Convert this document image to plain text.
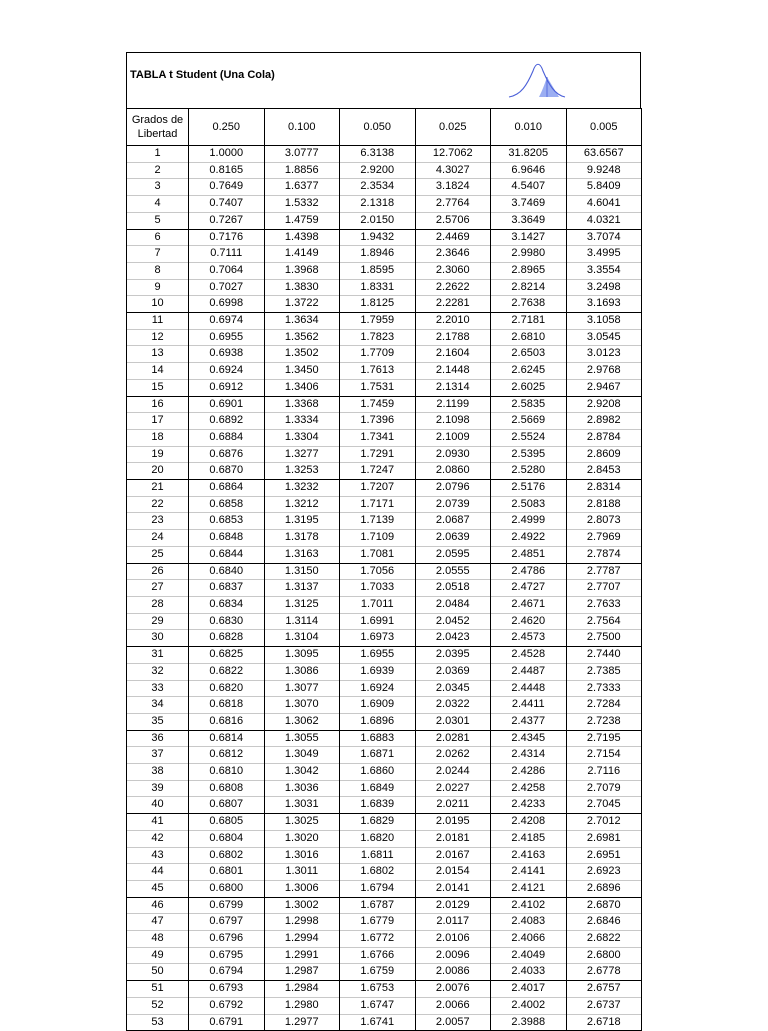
TABLA t Student (Una Cola)
Grados de Libertad	0.250	0.100	0.050	0.025	0.010	0.005
1	1.0000	3.0777	6.3138	12.7062	31.8205	63.6567
2	0.8165	1.8856	2.9200	4.3027	6.9646	9.9248
3	0.7649	1.6377	2.3534	3.1824	4.5407	5.8409
4	0.7407	1.5332	2.1318	2.7764	3.7469	4.6041
5	0.7267	1.4759	2.0150	2.5706	3.3649	4.0321
6	0.7176	1.4398	1.9432	2.4469	3.1427	3.7074
7	0.7111	1.4149	1.8946	2.3646	2.9980	3.4995
8	0.7064	1.3968	1.8595	2.3060	2.8965	3.3554
9	0.7027	1.3830	1.8331	2.2622	2.8214	3.2498
10	0.6998	1.3722	1.8125	2.2281	2.7638	3.1693
11	0.6974	1.3634	1.7959	2.2010	2.7181	3.1058
12	0.6955	1.3562	1.7823	2.1788	2.6810	3.0545
13	0.6938	1.3502	1.7709	2.1604	2.6503	3.0123
14	0.6924	1.3450	1.7613	2.1448	2.6245	2.9768
15	0.6912	1.3406	1.7531	2.1314	2.6025	2.9467
16	0.6901	1.3368	1.7459	2.1199	2.5835	2.9208
17	0.6892	1.3334	1.7396	2.1098	2.5669	2.8982
18	0.6884	1.3304	1.7341	2.1009	2.5524	2.8784
19	0.6876	1.3277	1.7291	2.0930	2.5395	2.8609
20	0.6870	1.3253	1.7247	2.0860	2.5280	2.8453
21	0.6864	1.3232	1.7207	2.0796	2.5176	2.8314
22	0.6858	1.3212	1.7171	2.0739	2.5083	2.8188
23	0.6853	1.3195	1.7139	2.0687	2.4999	2.8073
24	0.6848	1.3178	1.7109	2.0639	2.4922	2.7969
25	0.6844	1.3163	1.7081	2.0595	2.4851	2.7874
26	0.6840	1.3150	1.7056	2.0555	2.4786	2.7787
27	0.6837	1.3137	1.7033	2.0518	2.4727	2.7707
28	0.6834	1.3125	1.7011	2.0484	2.4671	2.7633
29	0.6830	1.3114	1.6991	2.0452	2.4620	2.7564
30	0.6828	1.3104	1.6973	2.0423	2.4573	2.7500
31	0.6825	1.3095	1.6955	2.0395	2.4528	2.7440
32	0.6822	1.3086	1.6939	2.0369	2.4487	2.7385
33	0.6820	1.3077	1.6924	2.0345	2.4448	2.7333
34	0.6818	1.3070	1.6909	2.0322	2.4411	2.7284
35	0.6816	1.3062	1.6896	2.0301	2.4377	2.7238
36	0.6814	1.3055	1.6883	2.0281	2.4345	2.7195
37	0.6812	1.3049	1.6871	2.0262	2.4314	2.7154
38	0.6810	1.3042	1.6860	2.0244	2.4286	2.7116
39	0.6808	1.3036	1.6849	2.0227	2.4258	2.7079
40	0.6807	1.3031	1.6839	2.0211	2.4233	2.7045
41	0.6805	1.3025	1.6829	2.0195	2.4208	2.7012
42	0.6804	1.3020	1.6820	2.0181	2.4185	2.6981
43	0.6802	1.3016	1.6811	2.0167	2.4163	2.6951
44	0.6801	1.3011	1.6802	2.0154	2.4141	2.6923
45	0.6800	1.3006	1.6794	2.0141	2.4121	2.6896
46	0.6799	1.3002	1.6787	2.0129	2.4102	2.6870
47	0.6797	1.2998	1.6779	2.0117	2.4083	2.6846
48	0.6796	1.2994	1.6772	2.0106	2.4066	2.6822
49	0.6795	1.2991	1.6766	2.0096	2.4049	2.6800
50	0.6794	1.2987	1.6759	2.0086	2.4033	2.6778
51	0.6793	1.2984	1.6753	2.0076	2.4017	2.6757
52	0.6792	1.2980	1.6747	2.0066	2.4002	2.6737
53	0.6791	1.2977	1.6741	2.0057	2.3988	2.6718
